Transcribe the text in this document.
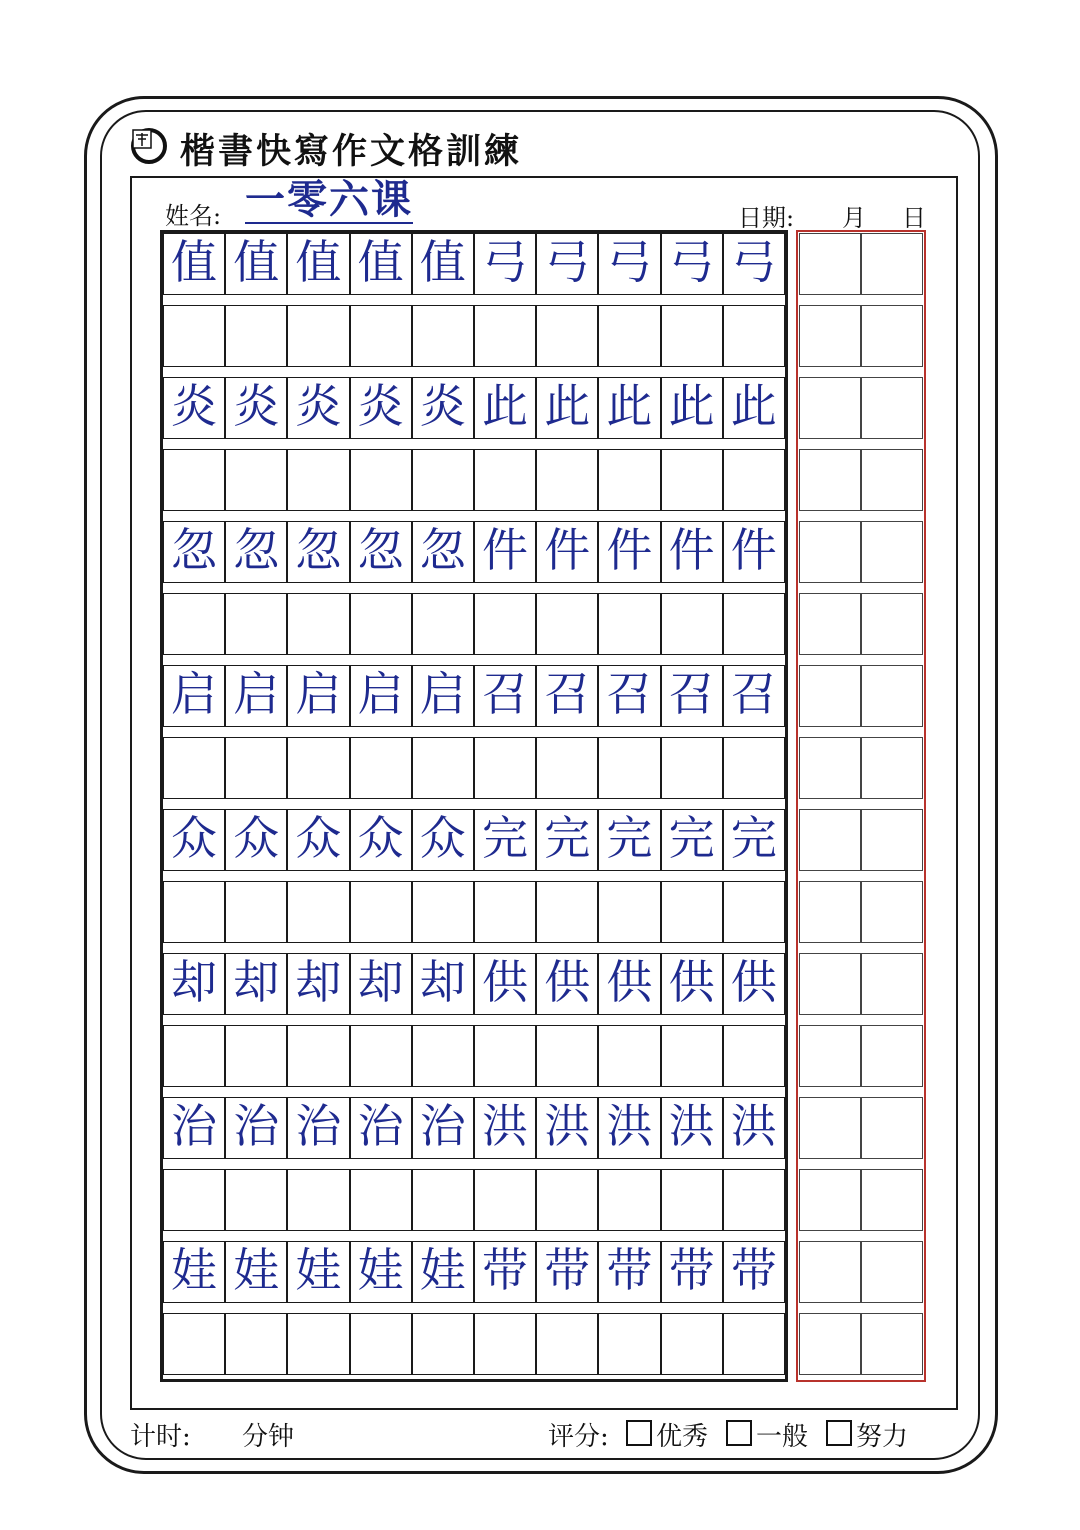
楷書快寫作文格訓練
姓名: 一零六课	日期: 月 日
值 值 值 值 值 弓 弓 弓 弓 弓
炎 炎 炎 炎 炎 此 此 此 此 此
忽 忽 忽 忽 忽 件 件 件 件 件
启 启 启 启 启 召 召 召 召 召
众 众 众 众 众 完 完 完 完 完
却 却 却 却 却 供 供 供 供 供
治 治 治 治 治 洪 洪 洪 洪 洪
娃 娃 娃 娃 娃 带 带 带 带 带
计时: 分钟	评分: 优秀 一般 努力
